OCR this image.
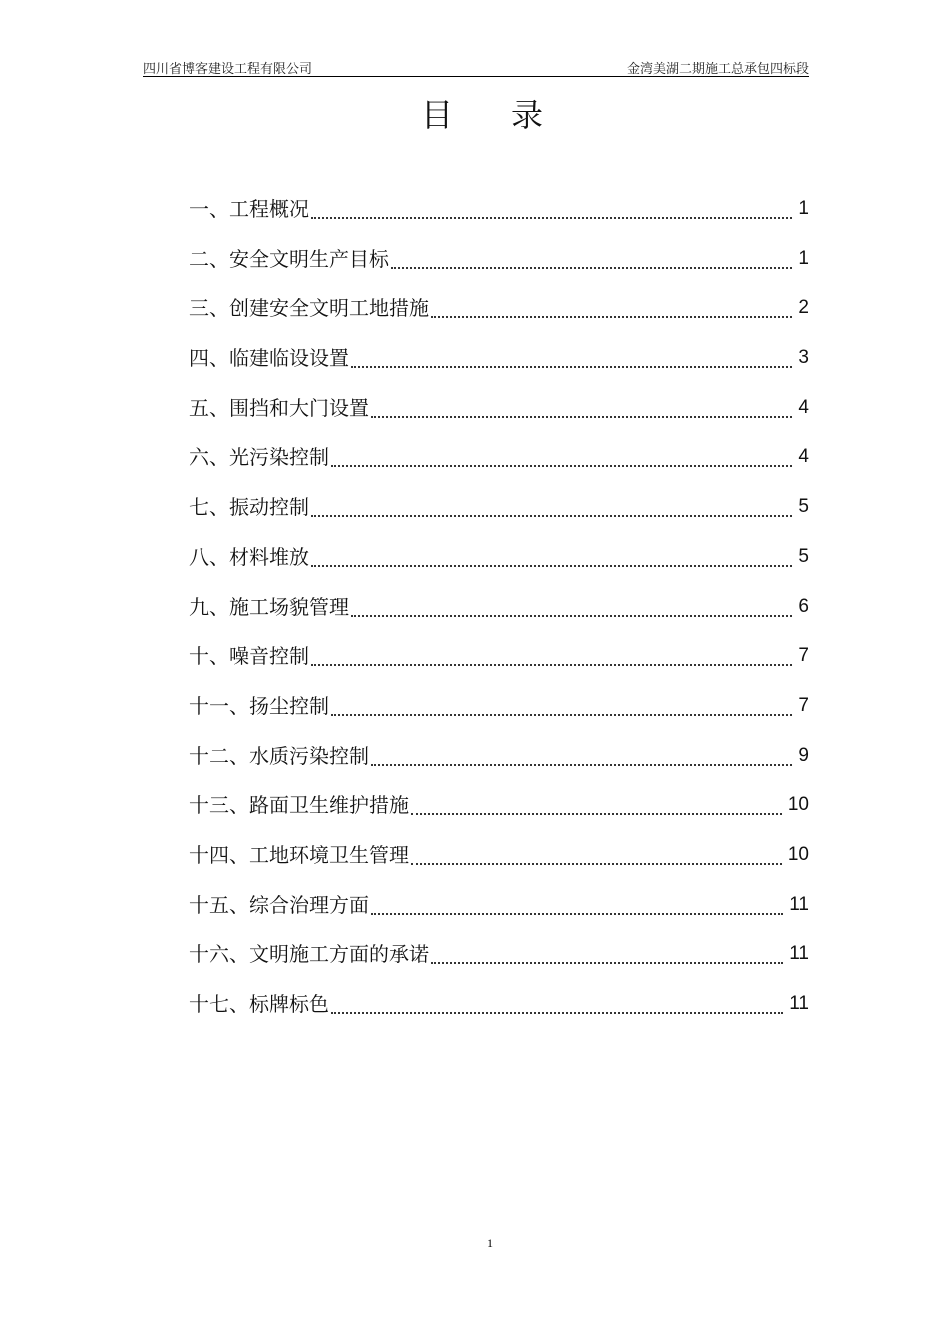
四川省博客建设工程有限公司	金湾美湖二期施工总承包四标段
目录
一、工程概况	1
二、安全文明生产目标	1
三、创建安全文明工地措施	2
四、临建临设设置	3
五、围挡和大门设置	4
六、光污染控制	4
七、振动控制	5
八、材料堆放	5
九、施工场貌管理	6
十、噪音控制	7
十一、扬尘控制	7
十二、水质污染控制	9
十三、路面卫生维护措施	10
十四、工地环境卫生管理	10
十五、综合治理方面	11
十六、文明施工方面的承诺	11
十七、标牌标色	11
1
